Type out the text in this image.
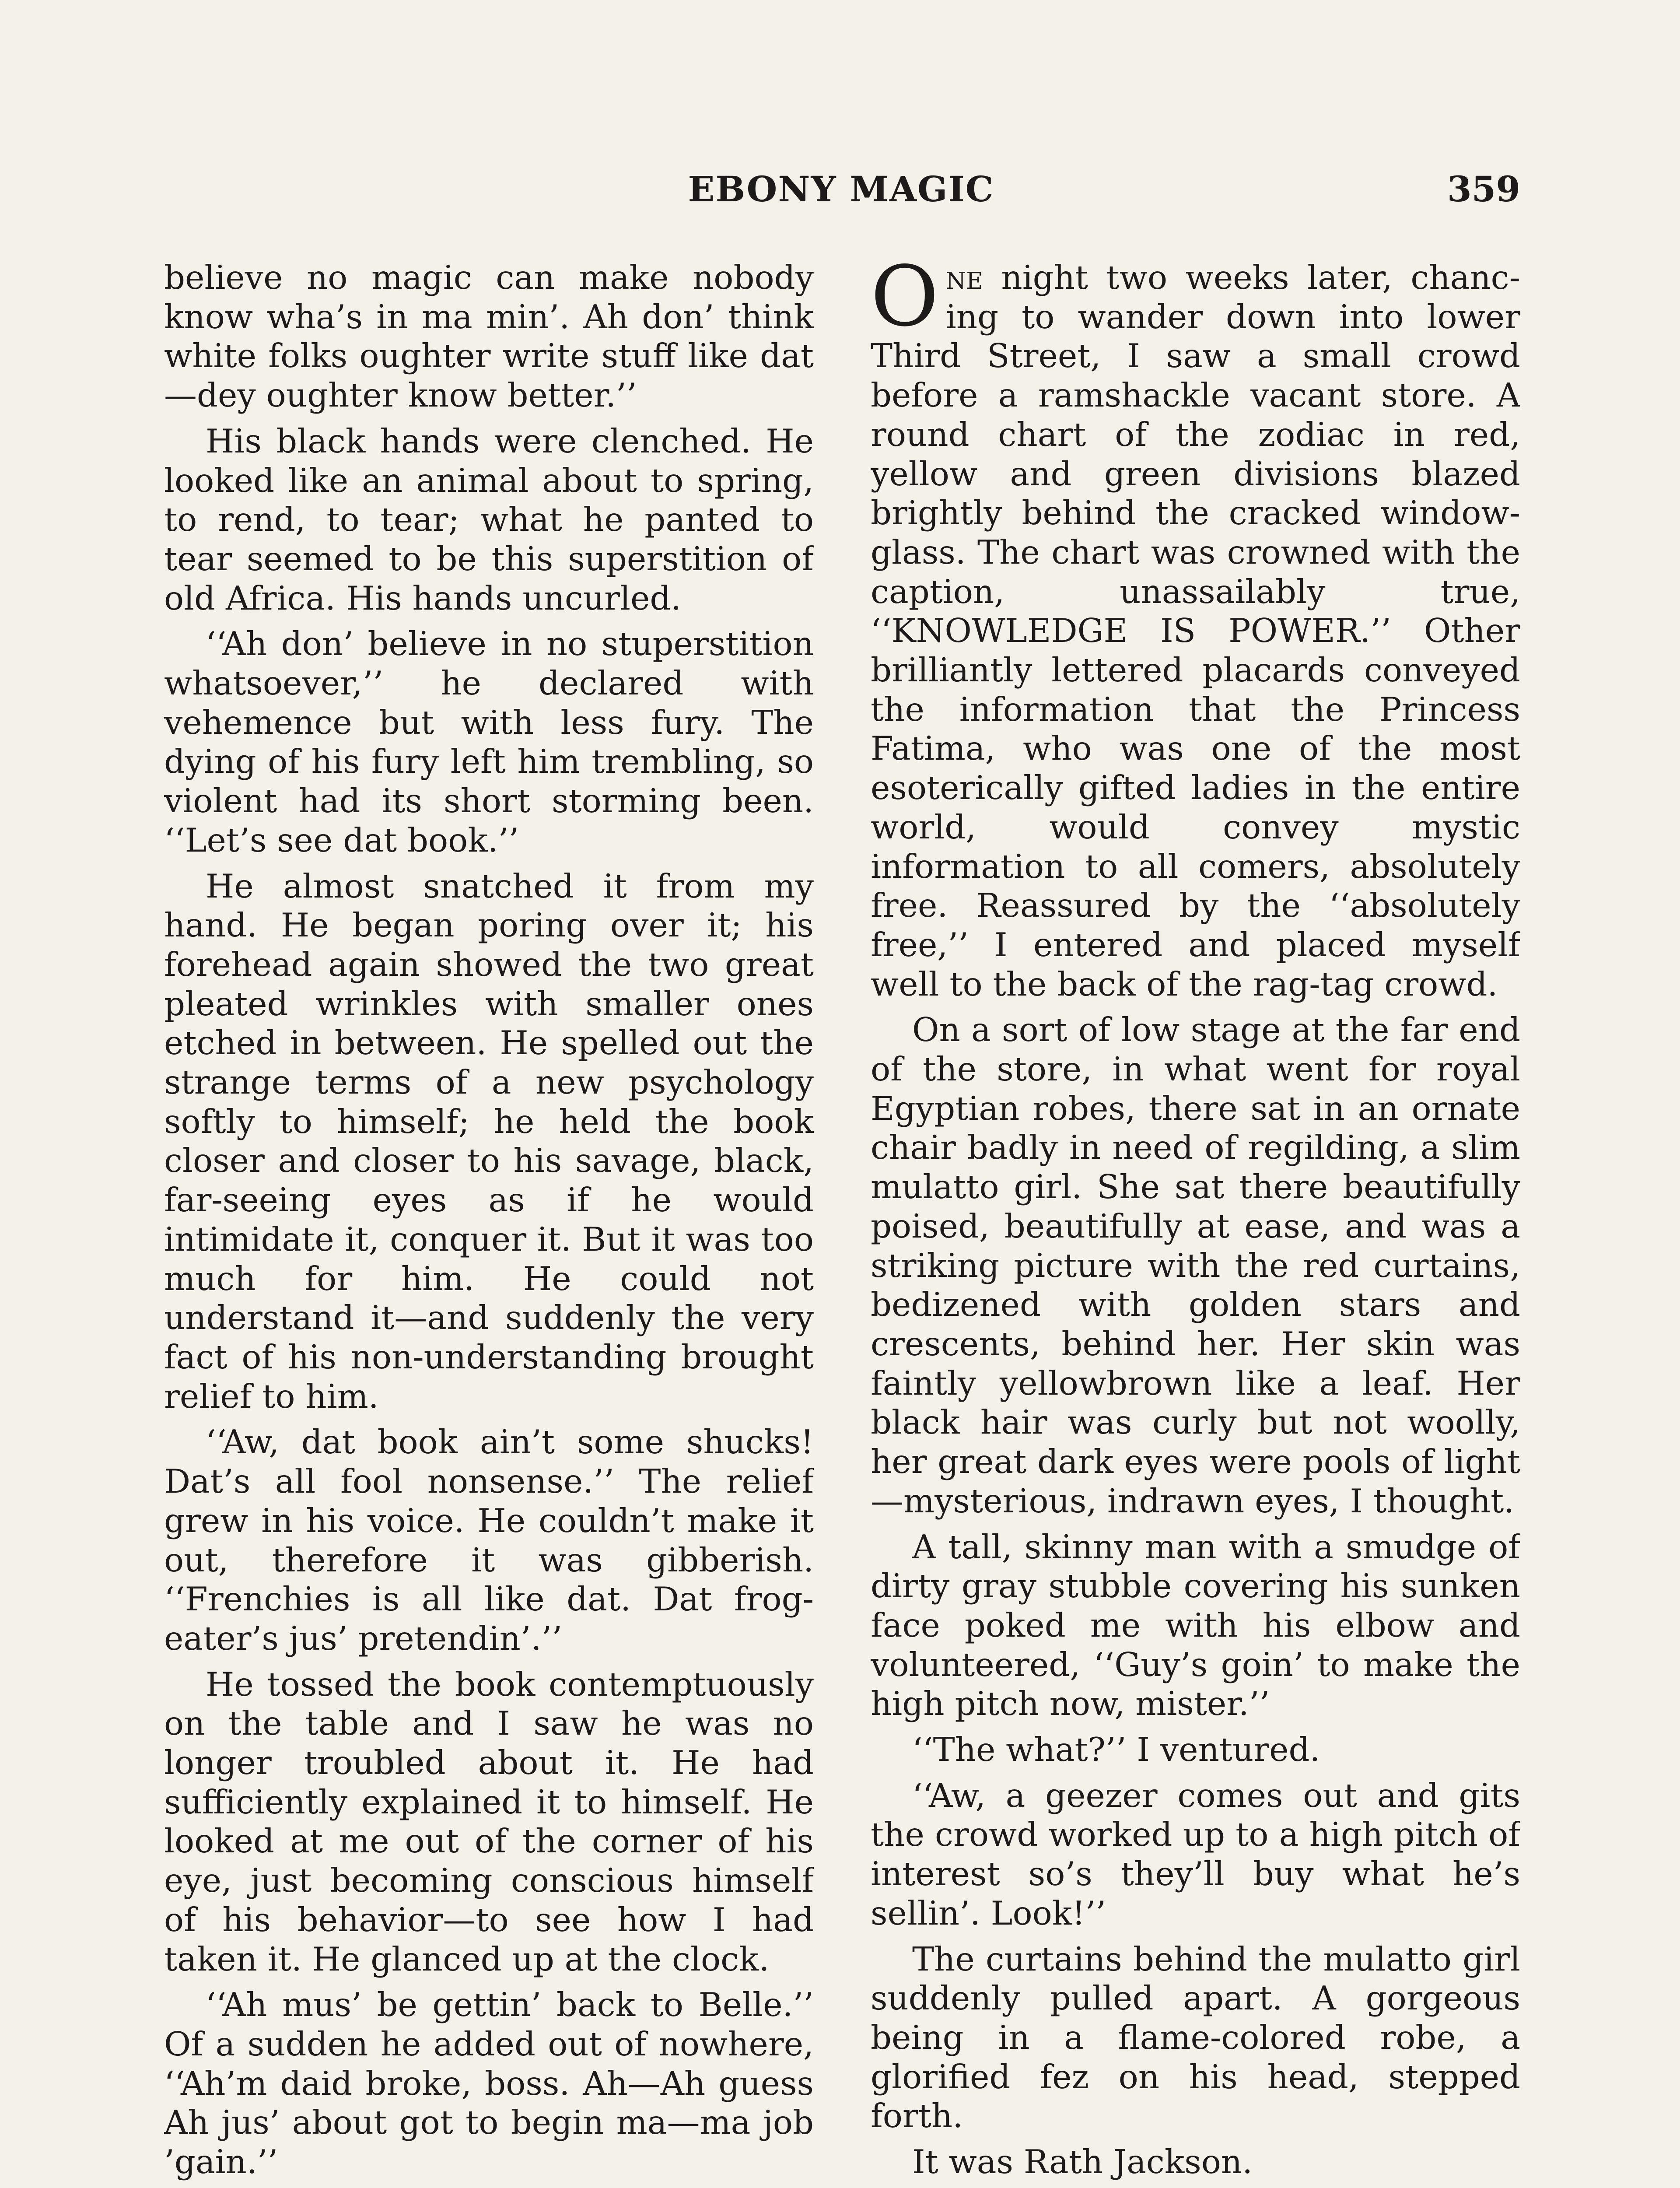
EBONY MAGIC	359

believe no magic can make nobody know wha’s in ma min’. Ah don’ think white folks oughter write stuff like dat—dey oughter know better.’’

His black hands were clenched. He looked like an animal about to spring, to rend, to tear; what he panted to tear seemed to be this superstition of old Africa. His hands uncurled.

‘‘Ah don’ believe in no stuperstition whatsoever,’’ he declared with vehemence but with less fury. The dying of his fury left him trembling, so violent had its short storming been. ‘‘Let’s see dat book.’’

He almost snatched it from my hand. He began poring over it; his forehead again showed the two great pleated wrinkles with smaller ones etched in between. He spelled out the strange terms of a new psychology softly to himself; he held the book closer and closer to his savage, black, far-seeing eyes as if he would intimidate it, conquer it. But it was too much for him. He could not understand it—and suddenly the very fact of his non-understanding brought relief to him.

‘‘Aw, dat book ain’t some shucks! Dat’s all fool nonsense.’’ The relief grew in his voice. He couldn’t make it out, therefore it was gibberish. ‘‘Frenchies is all like dat. Dat frogeater’s jus’ pretendin’.’’

He tossed the book contemptuously on the table and I saw he was no longer troubled about it. He had sufficiently explained it to himself. He looked at me out of the corner of his eye, just becoming conscious himself of his behavior—to see how I had taken it. He glanced up at the clock.

‘‘Ah mus’ be gettin’ back to Belle.’’ Of a sudden he added out of nowhere, ‘‘Ah’m daid broke, boss. Ah—Ah guess Ah jus’ about got to begin ma—ma job ’gain.’’

One night two weeks later, chancing to wander down into lower Third Street, I saw a small crowd before a ramshackle vacant store. A round chart of the zodiac in red, yellow and green divisions blazed brightly behind the cracked windowglass. The chart was crowned with the caption, unassailably true, ‘‘KNOWLEDGE IS POWER.’’ Other brilliantly lettered placards conveyed the information that the Princess Fatima, who was one of the most esoterically gifted ladies in the entire world, would convey mystic information to all comers, absolutely free. Reassured by the ‘‘absolutely free,’’ I entered and placed myself well to the back of the rag-tag crowd.

On a sort of low stage at the far end of the store, in what went for royal Egyptian robes, there sat in an ornate chair badly in need of regilding, a slim mulatto girl. She sat there beautifully poised, beautifully at ease, and was a striking picture with the red curtains, bedizened with golden stars and crescents, behind her. Her skin was faintly yellowbrown like a leaf. Her black hair was curly but not woolly, her great dark eyes were pools of light—mysterious, indrawn eyes, I thought.

A tall, skinny man with a smudge of dirty gray stubble covering his sunken face poked me with his elbow and volunteered, ‘‘Guy’s goin’ to make the high pitch now, mister.’’

‘‘The what?’’ I ventured.

‘‘Aw, a geezer comes out and gits the crowd worked up to a high pitch of interest so’s they’ll buy what he’s sellin’. Look!’’

The curtains behind the mulatto girl suddenly pulled apart. A gorgeous being in a flame-colored robe, a glorified fez on his head, stepped forth.

It was Rath Jackson.
